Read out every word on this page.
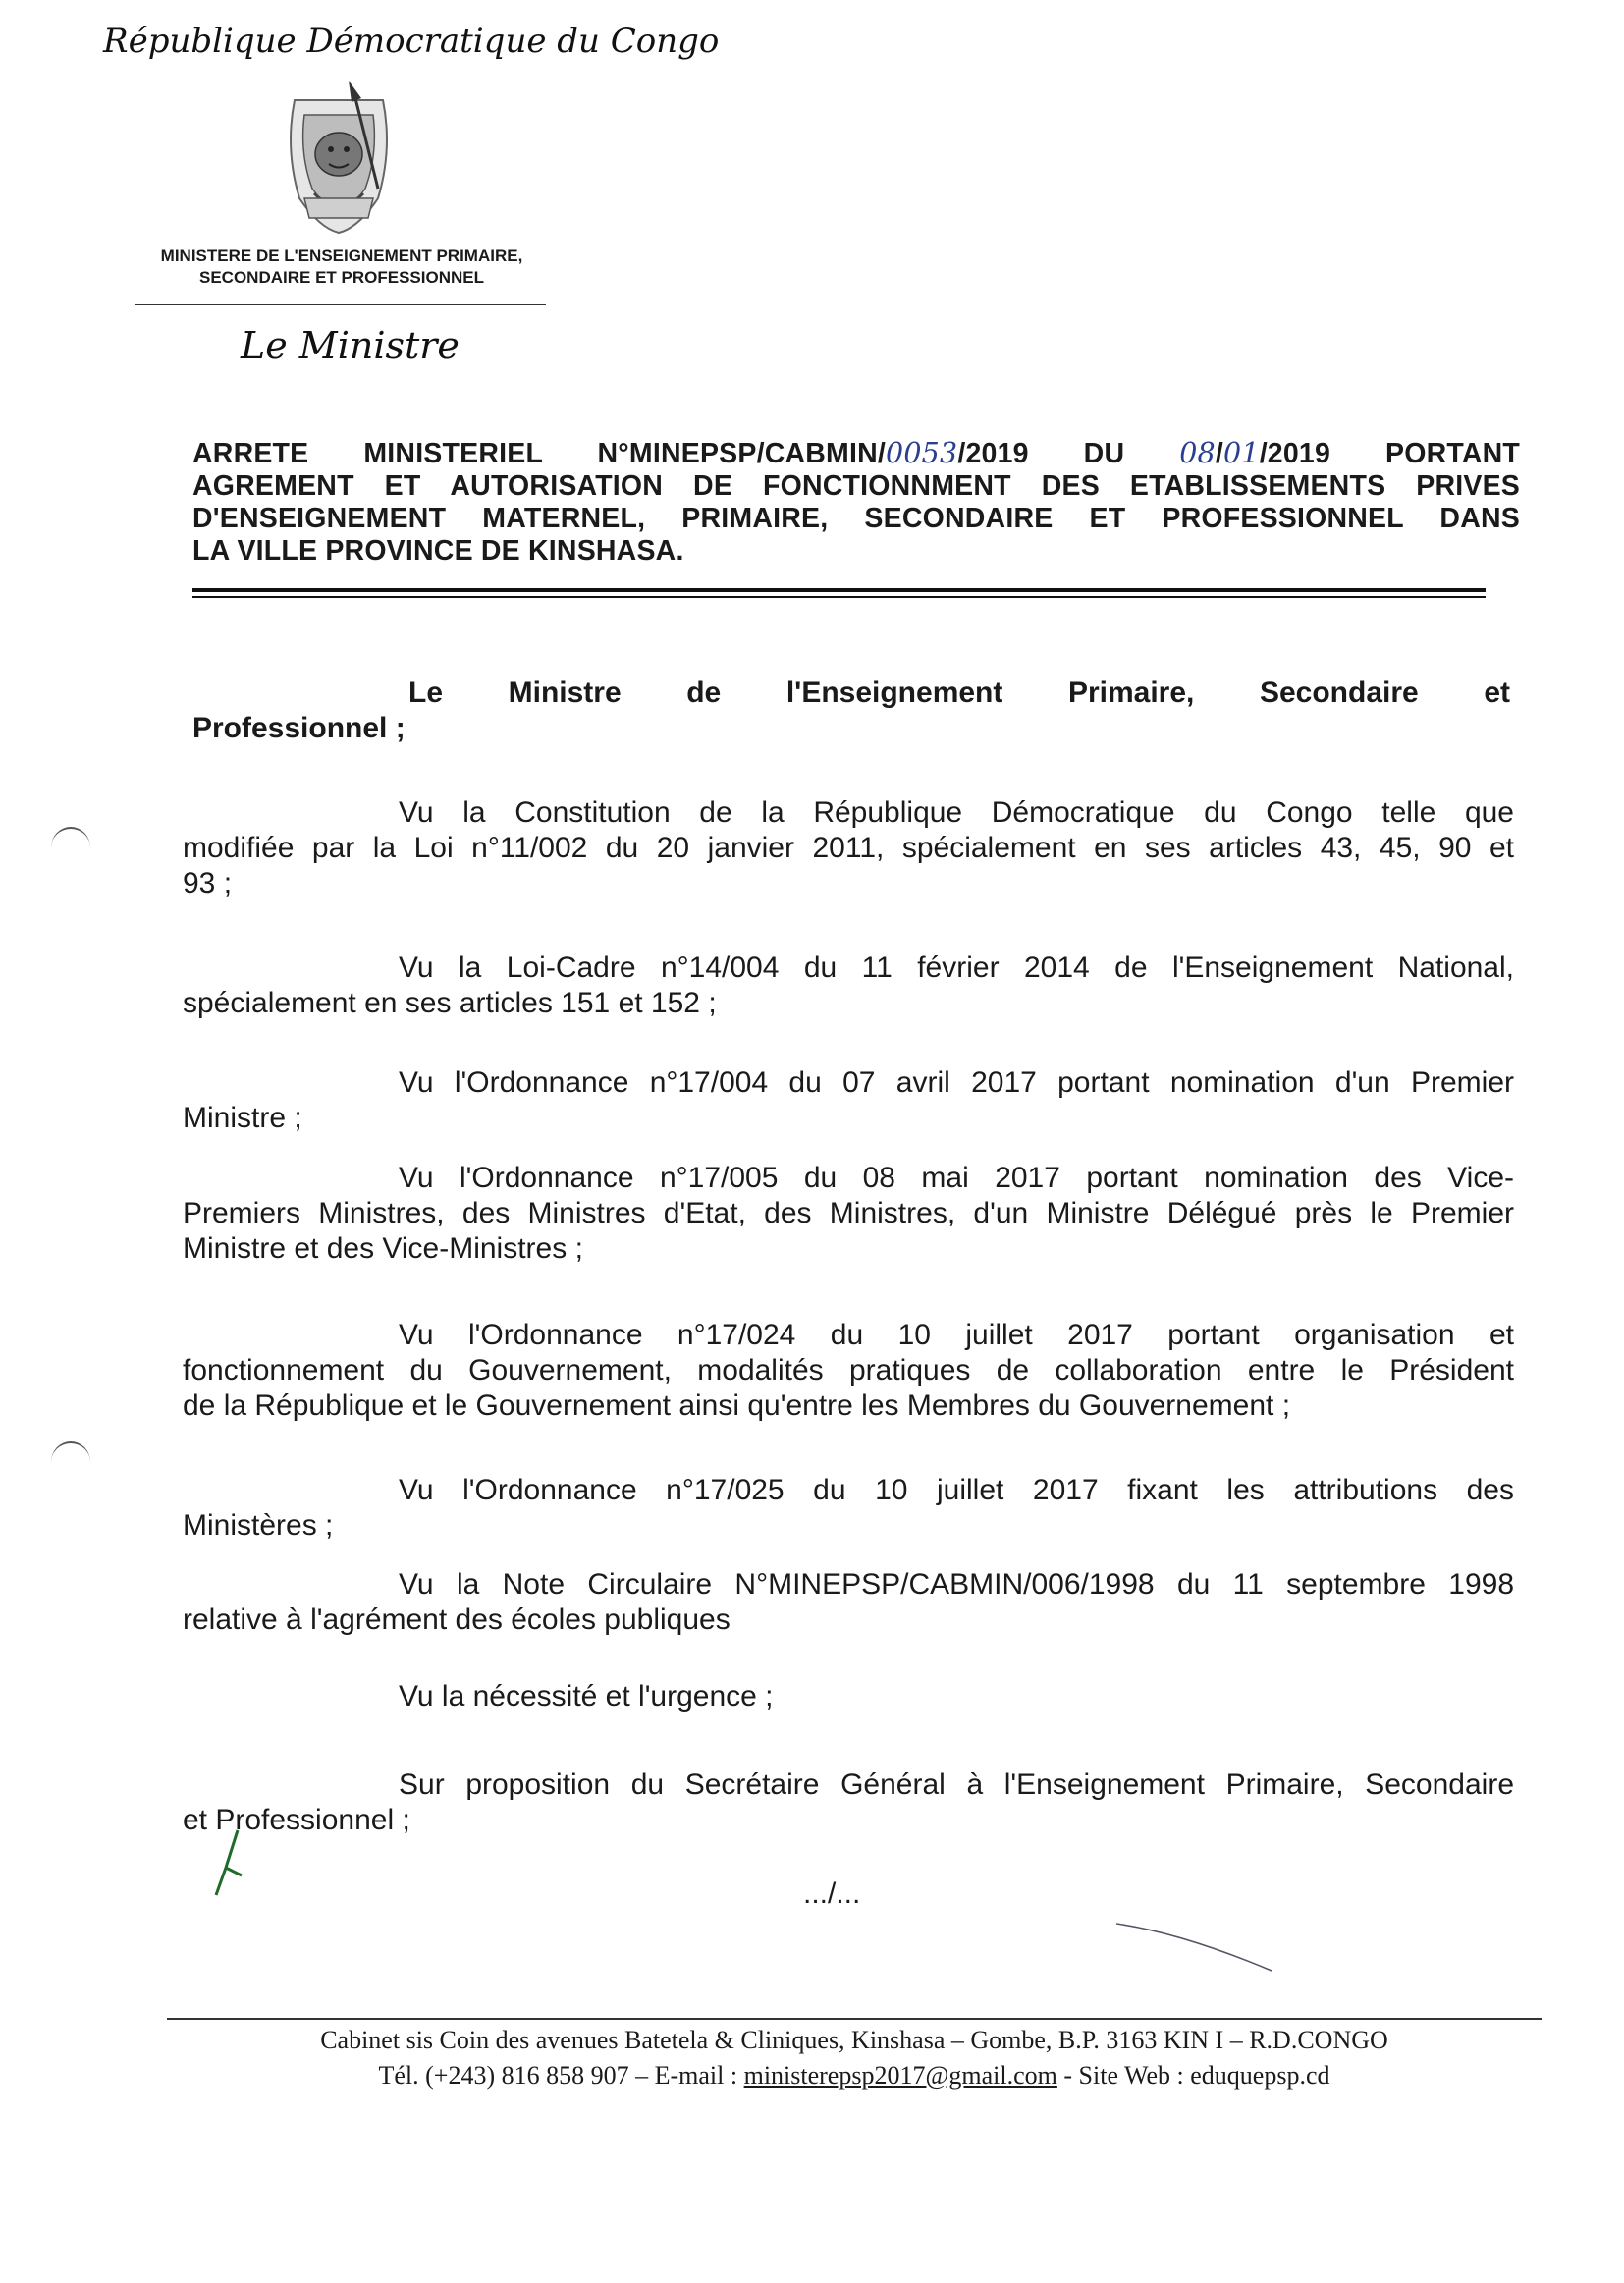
République Démocratique du Congo
MINISTERE DE L'ENSEIGNEMENT PRIMAIRE,
SECONDAIRE ET PROFESSIONNEL
Le Ministre
ARRETE MINISTERIEL N°MINEPSP/CABMIN/0053/2019 DU 08/01/2019 PORTANT
AGREMENT ET AUTORISATION DE FONCTIONNMENT DES ETABLISSEMENTS PRIVES
D'ENSEIGNEMENT MATERNEL, PRIMAIRE, SECONDAIRE ET PROFESSIONNEL DANS
LA VILLE PROVINCE DE KINSHASA.
Le Ministre de l'Enseignement Primaire, Secondaire et
Professionnel ;
Vu la Constitution de la République Démocratique du Congo telle que
modifiée par la Loi n°11/002 du 20 janvier 2011, spécialement en ses articles 43, 45, 90 et
93 ;
Vu la Loi-Cadre n°14/004 du 11 février 2014 de l'Enseignement National,
spécialement en ses articles 151 et 152 ;
Vu l'Ordonnance n°17/004 du 07 avril 2017 portant nomination d'un Premier
Ministre ;
Vu l'Ordonnance n°17/005 du 08 mai 2017 portant nomination des Vice-
Premiers Ministres, des Ministres d'Etat, des Ministres, d'un Ministre Délégué près le Premier
Ministre et des Vice-Ministres ;
Vu l'Ordonnance n°17/024 du 10 juillet 2017 portant organisation et
fonctionnement du Gouvernement, modalités pratiques de collaboration entre le Président
de la République et le Gouvernement ainsi qu'entre les Membres du Gouvernement ;
Vu l'Ordonnance n°17/025 du 10 juillet 2017 fixant les attributions des
Ministères ;
Vu la Note Circulaire N°MINEPSP/CABMIN/006/1998 du 11 septembre 1998
relative à l'agrément des écoles publiques
Vu la nécessité et l'urgence ;
Sur proposition du Secrétaire Général à l'Enseignement Primaire, Secondaire
et Professionnel ;
.../...
Cabinet sis Coin des avenues Batetela & Cliniques, Kinshasa – Gombe, B.P. 3163 KIN I – R.D.CONGO
Tél. (+243) 816 858 907 – E-mail : ministerepsp2017@gmail.com - Site Web : eduquepsp.cd
